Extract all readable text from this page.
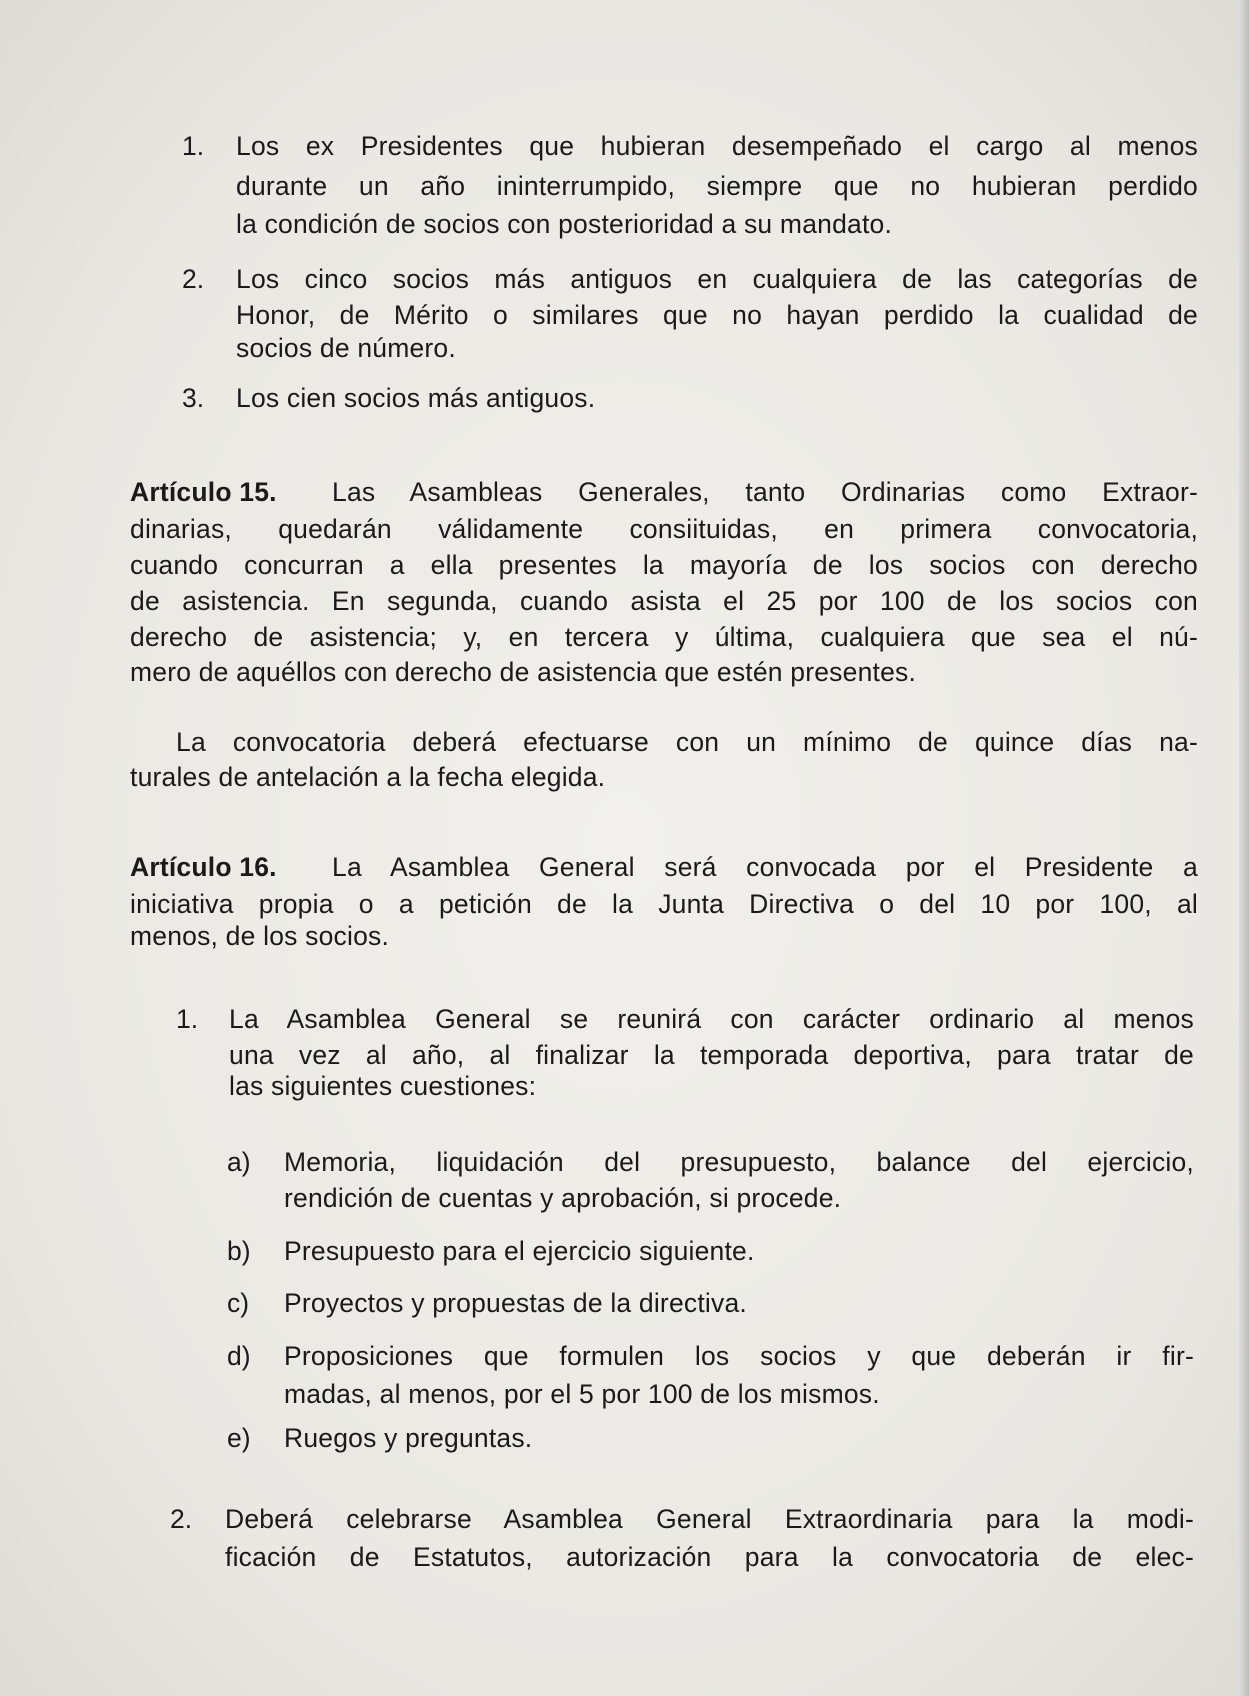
1. Los ex Presidentes que hubieran desempeñado el cargo al menos
durante un año ininterrumpido, siempre que no hubieran perdido
la condición de socios con posterioridad a su mandato.
2. Los cinco socios más antiguos en cualquiera de las categorías de
Honor, de Mérito o similares que no hayan perdido la cualidad de
socios de número.
3. Los cien socios más antiguos.
Artículo 15. Las Asambleas Generales, tanto Ordinarias como Extraor-
dinarias, quedarán válidamente consiituidas, en primera convocatoria,
cuando concurran a ella presentes la mayoría de los socios con derecho
de asistencia. En segunda, cuando asista el 25 por 100 de los socios con
derecho de asistencia; y, en tercera y última, cualquiera que sea el nú-
mero de aquéllos con derecho de asistencia que estén presentes.
La convocatoria deberá efectuarse con un mínimo de quince días na-
turales de antelación a la fecha elegida.
Artículo 16. La Asamblea General será convocada por el Presidente a
iniciativa propia o a petición de la Junta Directiva o del 10 por 100, al
menos, de los socios.
1. La Asamblea General se reunirá con carácter ordinario al menos
una vez al año, al finalizar la temporada deportiva, para tratar de
las siguientes cuestiones:
a) Memoria, liquidación del presupuesto, balance del ejercicio,
rendición de cuentas y aprobación, si procede.
b) Presupuesto para el ejercicio siguiente.
c) Proyectos y propuestas de la directiva.
d) Proposiciones que formulen los socios y que deberán ir fir-
madas, al menos, por el 5 por 100 de los mismos.
e) Ruegos y preguntas.
2. Deberá celebrarse Asamblea General Extraordinaria para la modi-
ficación de Estatutos, autorización para la convocatoria de elec-
